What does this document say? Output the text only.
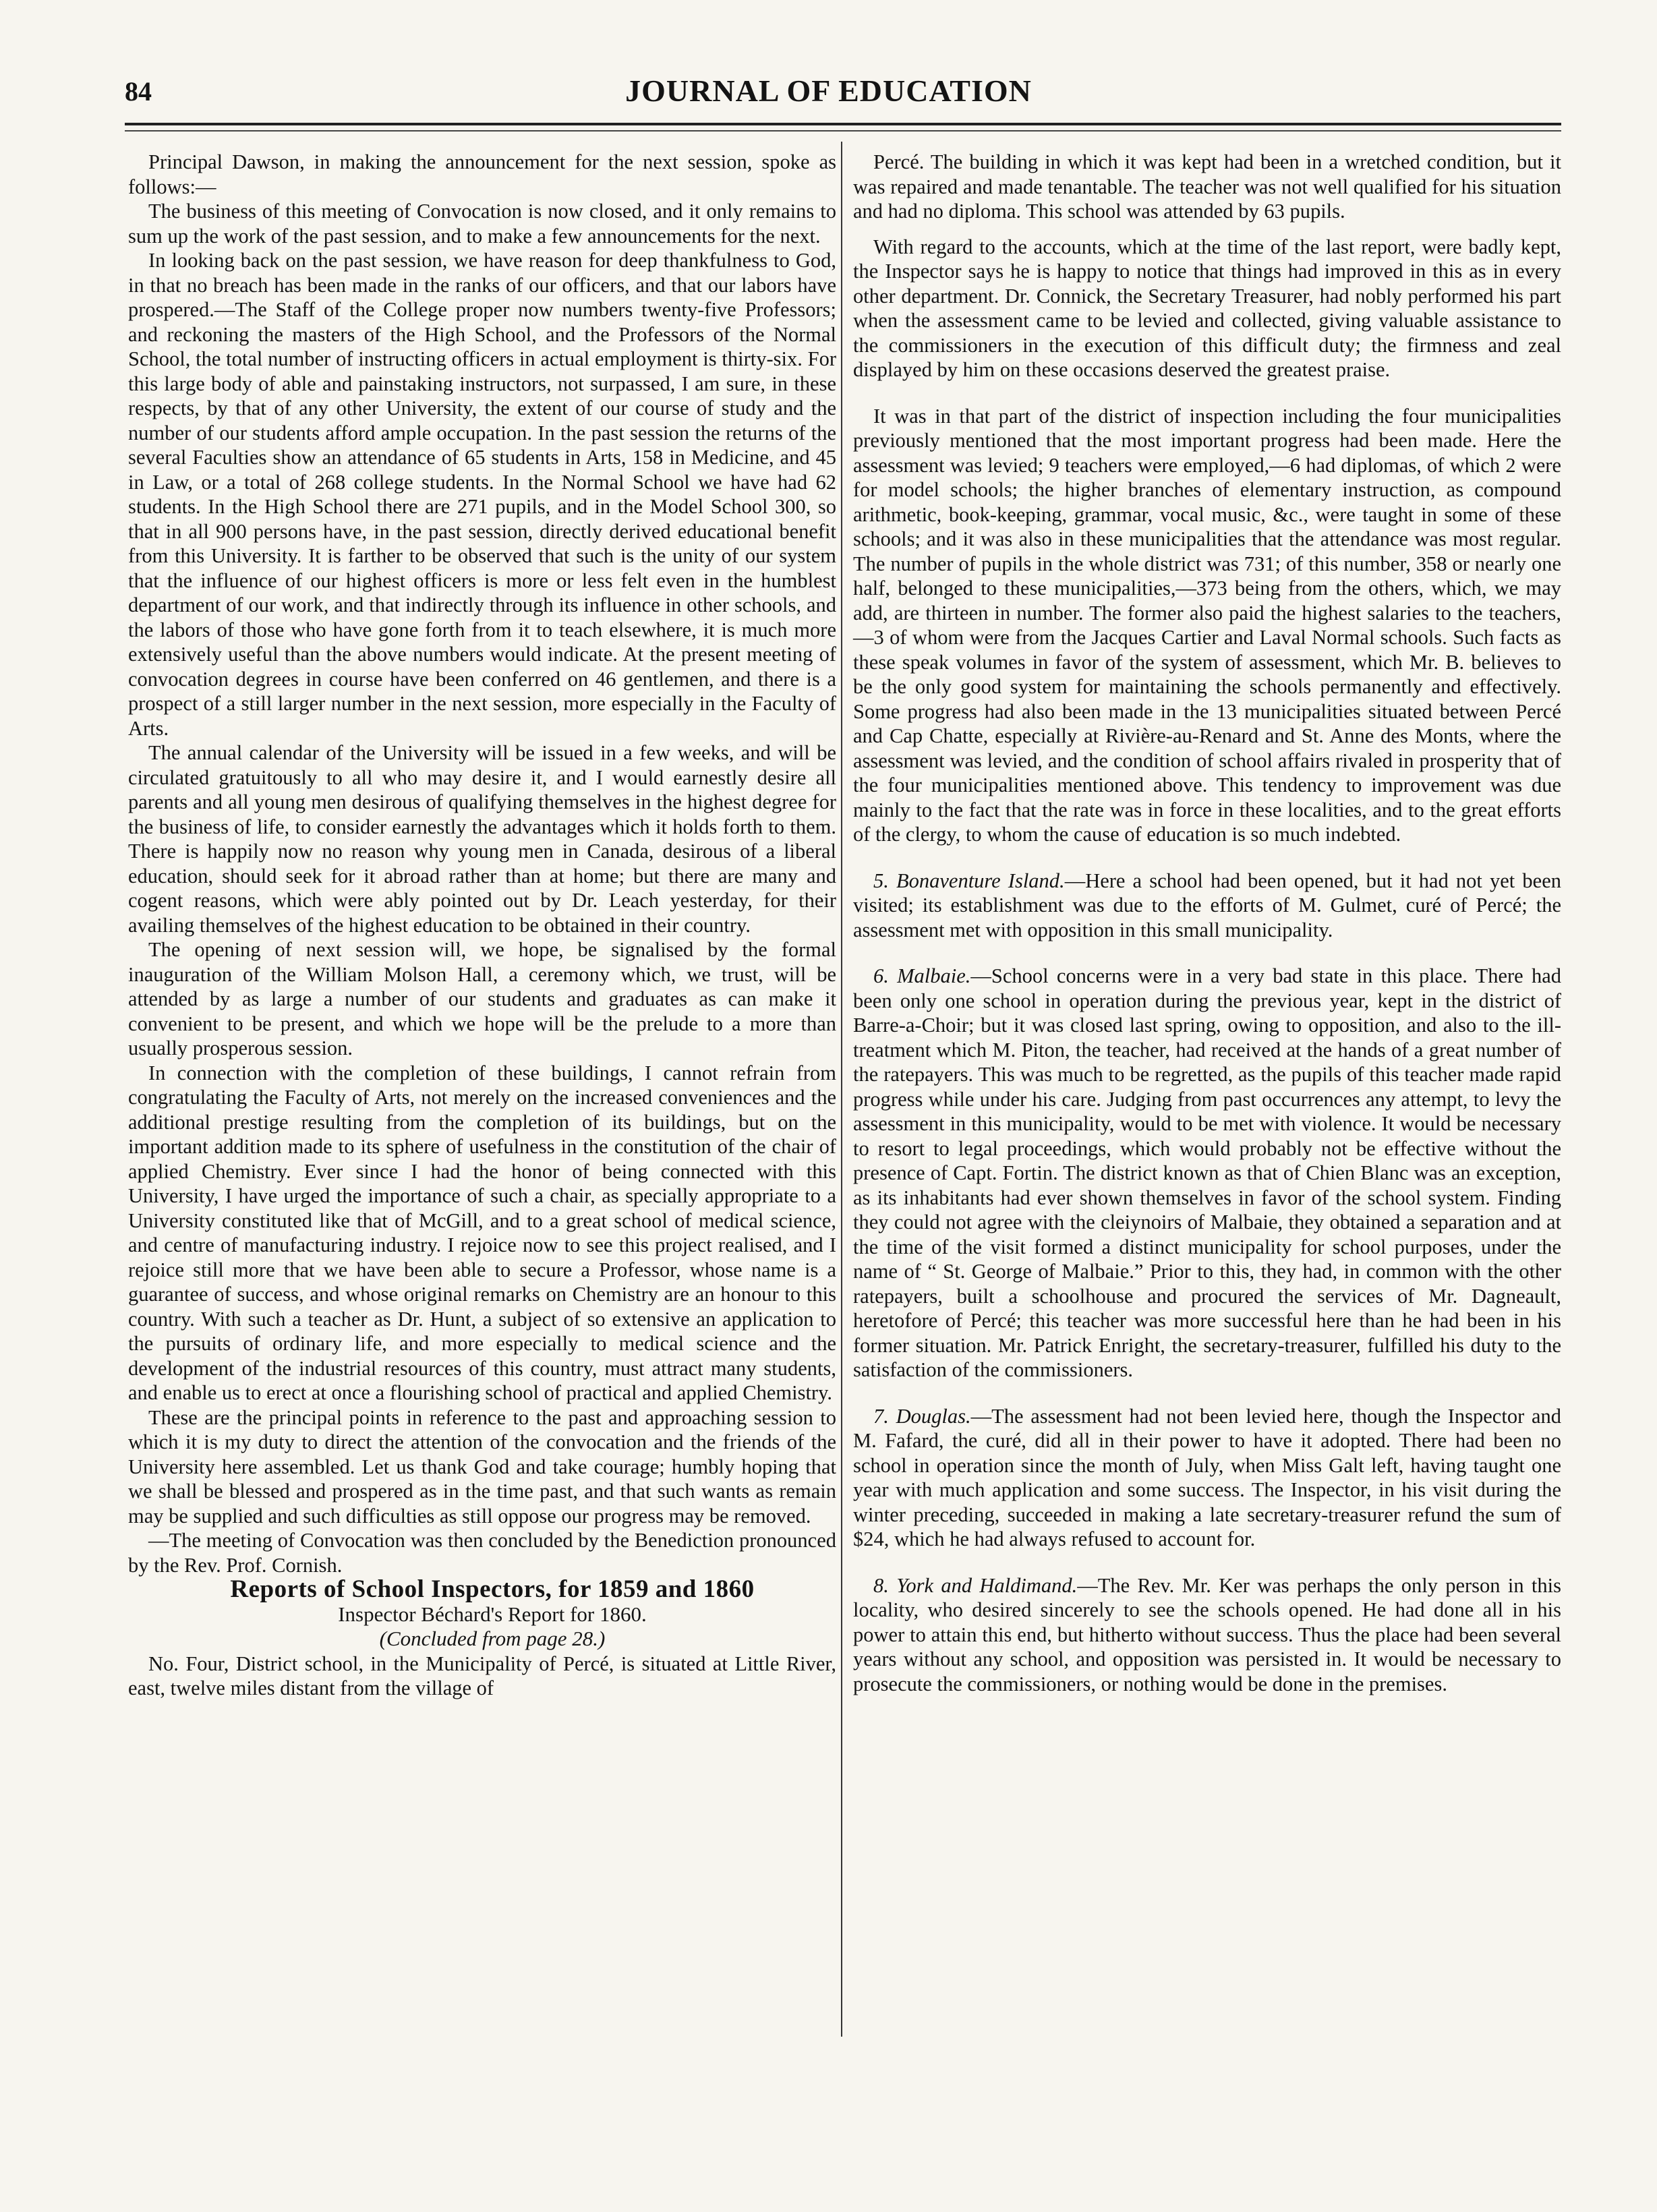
84	JOURNAL OF EDUCATION

Principal Dawson, in making the announcement for the next session, spoke as follows:—

The business of this meeting of Convocation is now closed, and it only remains to sum up the work of the past session, and to make a few announcements for the next.

In looking back on the past session, we have reason for deep thankfulness to God, in that no breach has been made in the ranks of our officers, and that our labors have prospered.—The Staff of the College proper now numbers twenty-five Professors; and reckoning the masters of the High School, and the Professors of the Normal School, the total number of instructing officers in actual employment is thirty-six. For this large body of able and painstaking instructors, not surpassed, I am sure, in these respects, by that of any other University, the extent of our course of study and the number of our students afford ample occupation. In the past session the returns of the several Faculties show an attendance of 65 students in Arts, 158 in Medicine, and 45 in Law, or a total of 268 college students. In the Normal School we have had 62 students. In the High School there are 271 pupils, and in the Model School 300, so that in all 900 persons have, in the past session, directly derived educational benefit from this University. It is farther to be observed that such is the unity of our system that the influence of our highest officers is more or less felt even in the humblest department of our work, and that indirectly through its influence in other schools, and the labors of those who have gone forth from it to teach elsewhere, it is much more extensively useful than the above numbers would indicate. At the present meeting of convocation degrees in course have been conferred on 46 gentlemen, and there is a prospect of a still larger number in the next session, more especially in the Faculty of Arts.

The annual calendar of the University will be issued in a few weeks, and will be circulated gratuitously to all who may desire it, and I would earnestly desire all parents and all young men desirous of qualifying themselves in the highest degree for the business of life, to consider earnestly the advantages which it holds forth to them. There is happily now no reason why young men in Canada, desirous of a liberal education, should seek for it abroad rather than at home; but there are many and cogent reasons, which were ably pointed out by Dr. Leach yesterday, for their availing themselves of the highest education to be obtained in their country.

The opening of next session will, we hope, be signalised by the formal inauguration of the William Molson Hall, a ceremony which, we trust, will be attended by as large a number of our students and graduates as can make it convenient to be present, and which we hope will be the prelude to a more than usually prosperous session.

In connection with the completion of these buildings, I cannot refrain from congratulating the Faculty of Arts, not merely on the increased conveniences and the additional prestige resulting from the completion of its buildings, but on the important addition made to its sphere of usefulness in the constitution of the chair of applied Chemistry. Ever since I had the honor of being connected with this University, I have urged the importance of such a chair, as specially appropriate to a University constituted like that of McGill, and to a great school of medical science, and centre of manufacturing industry. I rejoice now to see this project realised, and I rejoice still more that we have been able to secure a Professor, whose name is a guarantee of success, and whose original remarks on Chemistry are an honour to this country. With such a teacher as Dr. Hunt, a subject of so extensive an application to the pursuits of ordinary life, and more especially to medical science and the development of the industrial resources of this country, must attract many students, and enable us to erect at once a flourishing school of practical and applied Chemistry.

These are the principal points in reference to the past and approaching session to which it is my duty to direct the attention of the convocation and the friends of the University here assembled. Let us thank God and take courage; humbly hoping that we shall be blessed and prospered as in the time past, and that such wants as remain may be supplied and such difficulties as still oppose our progress may be removed.

—The meeting of Convocation was then concluded by the Benediction pronounced by the Rev. Prof. Cornish.

Reports of School Inspectors, for 1859 and 1860

Inspector Béchard's Report for 1860.

(Concluded from page 28.)

No. Four, District school, in the Municipality of Percé, is situated at Little River, east, twelve miles distant from the village of

Percé. The building in which it was kept had been in a wretched condition, but it was repaired and made tenantable. The teacher was not well qualified for his situation and had no diploma. This school was attended by 63 pupils.

With regard to the accounts, which at the time of the last report, were badly kept, the Inspector says he is happy to notice that things had improved in this as in every other department. Dr. Connick, the Secretary Treasurer, had nobly performed his part when the assessment came to be levied and collected, giving valuable assistance to the commissioners in the execution of this difficult duty; the firmness and zeal displayed by him on these occasions deserved the greatest praise.

It was in that part of the district of inspection including the four municipalities previously mentioned that the most important progress had been made. Here the assessment was levied; 9 teachers were employed,—6 had diplomas, of which 2 were for model schools; the higher branches of elementary instruction, as compound arithmetic, book-keeping, grammar, vocal music, &c., were taught in some of these schools; and it was also in these municipalities that the attendance was most regular. The number of pupils in the whole district was 731; of this number, 358 or nearly one half, belonged to these municipalities,—373 being from the others, which, we may add, are thirteen in number. The former also paid the highest salaries to the teachers,—3 of whom were from the Jacques Cartier and Laval Normal schools. Such facts as these speak volumes in favor of the system of assessment, which Mr. B. believes to be the only good system for maintaining the schools permanently and effectively. Some progress had also been made in the 13 municipalities situated between Percé and Cap Chatte, especially at Rivière-au-Renard and St. Anne des Monts, where the assessment was levied, and the condition of school affairs rivaled in prosperity that of the four municipalities mentioned above. This tendency to improvement was due mainly to the fact that the rate was in force in these localities, and to the great efforts of the clergy, to whom the cause of education is so much indebted.

5. Bonaventure Island.—Here a school had been opened, but it had not yet been visited; its establishment was due to the efforts of M. Gulmet, curé of Percé; the assessment met with opposition in this small municipality.

6. Malbaie.—School concerns were in a very bad state in this place. There had been only one school in operation during the previous year, kept in the district of Barre-a-Choir; but it was closed last spring, owing to opposition, and also to the ill-treatment which M. Piton, the teacher, had received at the hands of a great number of the ratepayers. This was much to be regretted, as the pupils of this teacher made rapid progress while under his care. Judging from past occurrences any attempt, to levy the assessment in this municipality, would to be met with violence. It would be necessary to resort to legal proceedings, which would probably not be effective without the presence of Capt. Fortin. The district known as that of Chien Blanc was an exception, as its inhabitants had ever shown themselves in favor of the school system. Finding they could not agree with the cleiynoirs of Malbaie, they obtained a separation and at the time of the visit formed a distinct municipality for school purposes, under the name of “ St. George of Malbaie.” Prior to this, they had, in common with the other ratepayers, built a schoolhouse and procured the services of Mr. Dagneault, heretofore of Percé; this teacher was more successful here than he had been in his former situation. Mr. Patrick Enright, the secretary-treasurer, fulfilled his duty to the satisfaction of the commissioners.

7. Douglas.—The assessment had not been levied here, though the Inspector and M. Fafard, the curé, did all in their power to have it adopted. There had been no school in operation since the month of July, when Miss Galt left, having taught one year with much application and some success. The Inspector, in his visit during the winter preceding, succeeded in making a late secretary-treasurer refund the sum of $24, which he had always refused to account for.

8. York and Haldimand.—The Rev. Mr. Ker was perhaps the only person in this locality, who desired sincerely to see the schools opened. He had done all in his power to attain this end, but hitherto without success. Thus the place had been several years without any school, and opposition was persisted in. It would be necessary to prosecute the commissioners, or nothing would be done in the premises.
